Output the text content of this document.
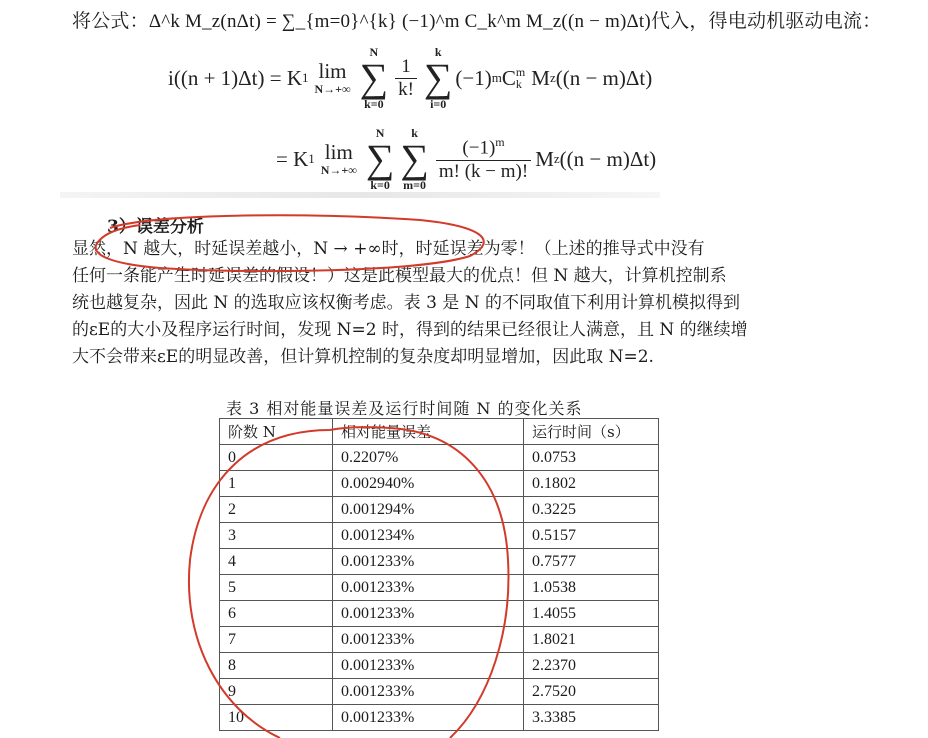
将公式：Δ^k M_z(nΔt) = ∑_{m=0}^{k} (−1)^m C_k^m M_z((n − m)Δt)代入，得电动机驱动电流：
i((n + 1)Δt) = K 1 lim
N→+∞
N
∑
k=0
$\frac{1}{k!}$
k
∑
i=0
(−1) m C m
k M z ((n − m)Δt)
= K 1 lim
N→+∞
N
∑
k=0
k
∑
m=0
$\frac{(-1)^m}{m! (k - m)!}$ M z ((n − m)Δt)
3）误差分析
显然，N 越大，时延误差越小，N → +∞时，时延误差为零！（上述的推导式中没有
任何一条能产生时延误差的假设！）这是此模型最大的优点！但 N 越大，计算机控制系
统也越复杂，因此 N 的选取应该权衡考虑。表 3 是 N 的不同取值下利用计算机模拟得到
的εE的大小及程序运行时间，发现 N=2 时，得到的结果已经很让人满意，且 N 的继续增
大不会带来εE的明显改善，但计算机控制的复杂度却明显增加，因此取 N=2.
表 3 相对能量误差及运行时间随 N 的变化关系
阶数 N	相对能量误差	运行时间（s）
0	0.2207%	0.0753
1	0.002940%	0.1802
2	0.001294%	0.3225
3	0.001234%	0.5157
4	0.001233%	0.7577
5	0.001233%	1.0538
6	0.001233%	1.4055
7	0.001233%	1.8021
8	0.001233%	2.2370
9	0.001233%	2.7520
10	0.001233%	3.3385
